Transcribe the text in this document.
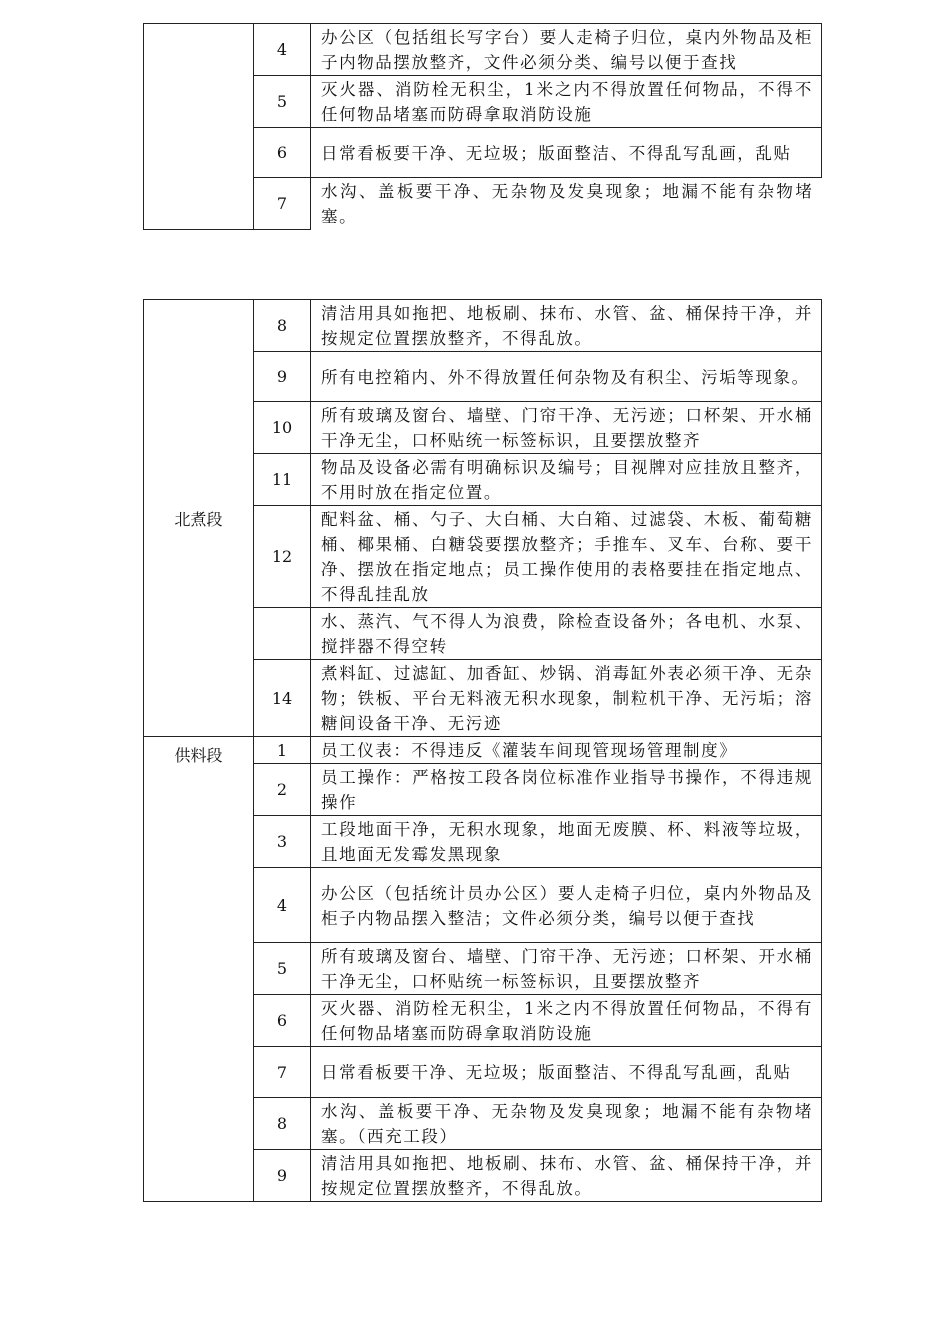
	4	办公区（包括组长写字台）要人走椅子归位，桌内外物品及柜子内物品摆放整齐，文件必须分类、编号以便于查找
	5	灭火器、消防栓无积尘，1米之内不得放置任何物品，不得不任何物品堵塞而防碍拿取消防设施
	6	日常看板要干净、无垃圾；版面整洁、不得乱写乱画，乱贴
	7	水沟、盖板要干净、无杂物及发臭现象；地漏不能有杂物堵塞。
北煮段	8	清洁用具如拖把、地板刷、抹布、水管、盆、桶保持干净，并按规定位置摆放整齐，不得乱放。
	9	所有电控箱内、外不得放置任何杂物及有积尘、污垢等现象。
	10	所有玻璃及窗台、墙壁、门帘干净、无污迹；口杯架、开水桶干净无尘，口杯贴统一标签标识，且要摆放整齐
	11	物品及设备必需有明确标识及编号；目视牌对应挂放且整齐，不用时放在指定位置。
	12	配料盆、桶、勺子、大白桶、大白箱、过滤袋、木板、葡萄糖桶、椰果桶、白糖袋要摆放整齐；手推车、叉车、台称、要干净、摆放在指定地点；员工操作使用的表格要挂在指定地点、不得乱挂乱放
		水、蒸汽、气不得人为浪费，除检查设备外；各电机、水泵、搅拌器不得空转
	14	煮料缸、过滤缸、加香缸、炒锅、消毒缸外表必须干净、无杂物；铁板、平台无料液无积水现象，制粒机干净、无污垢；溶糖间设备干净、无污迹
供料段	1	员工仪表：不得违反《灌装车间现管现场管理制度》
	2	员工操作：严格按工段各岗位标准作业指导书操作，不得违规操作
	3	工段地面干净，无积水现象，地面无废膜、杯、料液等垃圾，且地面无发霉发黑现象
	4	办公区（包括统计员办公区）要人走椅子归位，桌内外物品及柜子内物品摆入整洁；文件必须分类，编号以便于查找
	5	所有玻璃及窗台、墙壁、门帘干净、无污迹；口杯架、开水桶干净无尘，口杯贴统一标签标识，且要摆放整齐
	6	灭火器、消防栓无积尘，1米之内不得放置任何物品，不得有任何物品堵塞而防碍拿取消防设施
	7	日常看板要干净、无垃圾；版面整洁、不得乱写乱画，乱贴
	8	水沟、盖板要干净、无杂物及发臭现象；地漏不能有杂物堵塞。（西充工段）
	9	清洁用具如拖把、地板刷、抹布、水管、盆、桶保持干净，并按规定位置摆放整齐，不得乱放。
